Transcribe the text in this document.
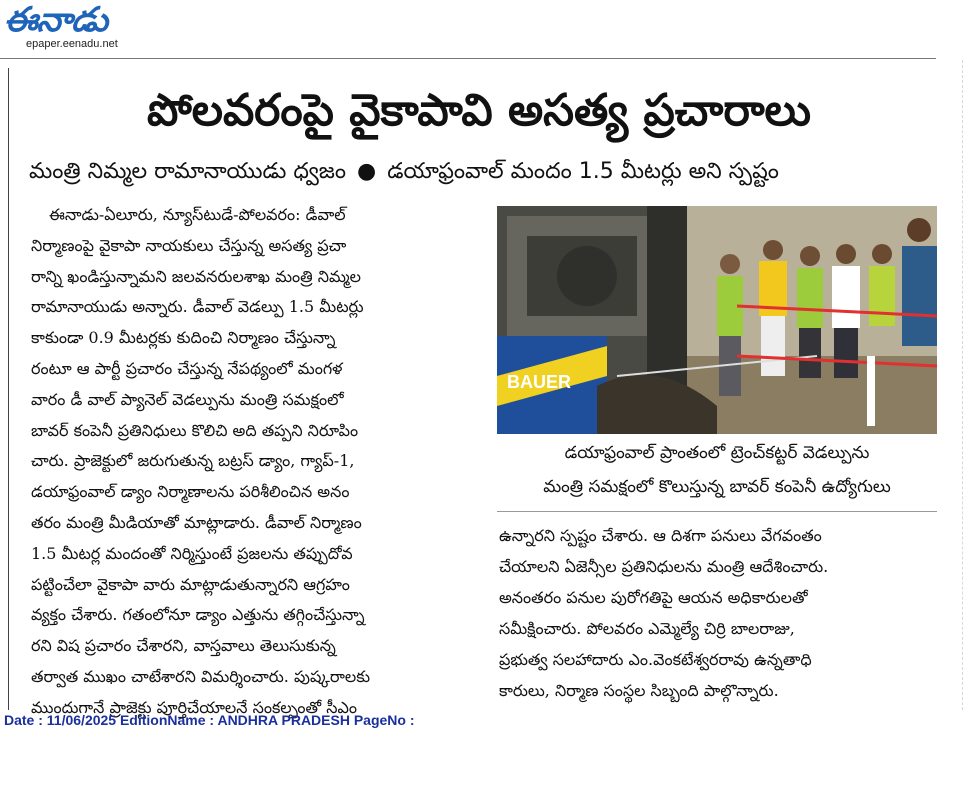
ఈనాడు
epaper.eenadu.net
పోలవరంపై వైకాపావి అసత్య ప్రచారాలు
మంత్రి నిమ్మల రామానాయుడు ధ్వజం ● డయాఫ్రంవాల్ మందం 1.5 మీటర్లు అని స్పష్టం
ఈనాడు-ఏలూరు, న్యూస్‌టుడే-పోలవరం: డీవాల్
నిర్మాణంపై వైకాపా నాయకులు చేస్తున్న అసత్య ప్రచా
రాన్ని ఖండిస్తున్నామని జలవనరులశాఖ మంత్రి నిమ్మల
రామానాయుడు అన్నారు. డీవాల్ వెడల్పు 1.5 మీటర్లు
కాకుండా 0.9 మీటర్లకు కుదించి నిర్మాణం చేస్తున్నా
రంటూ ఆ పార్టీ ప్రచారం చేస్తున్న నేపథ్యంలో మంగళ
వారం డీ వాల్ ప్యానెల్ వెడల్పును మంత్రి సమక్షంలో
బావర్ కంపెనీ ప్రతినిధులు కొలిచి అది తప్పని నిరూపిం
చారు. ప్రాజెక్టులో జరుగుతున్న బట్రస్ డ్యాం, గ్యాప్-1,
డయాఫ్రంవాల్ డ్యాం నిర్మాణాలను పరిశీలించిన అనం
తరం మంత్రి మీడియాతో మాట్లాడారు. డీవాల్ నిర్మాణం
1.5 మీటర్ల మందంతో నిర్మిస్తుంటే ప్రజలను తప్పుదోవ
పట్టించేలా వైకాపా వారు మాట్లాడుతున్నారని ఆగ్రహం
వ్యక్తం చేశారు. గతంలోనూ డ్యాం ఎత్తును తగ్గించేస్తున్నా
రని విష ప్రచారం చేశారని, వాస్తవాలు తెలుసుకున్న
తర్వాత ముఖం చాటేశారని విమర్శించారు. పుష్కరాలకు
ముందుగానే ప్రాజెక్టు పూర్తిచేయాలనే సంకల్పంతో సీఎం
BAUER
డయాఫ్రంవాల్ ప్రాంతంలో ట్రెంచ్‌కట్టర్ వెడల్పును
మంత్రి సమక్షంలో కొలుస్తున్న బావర్ కంపెనీ ఉద్యోగులు
ఉన్నారని స్పష్టం చేశారు. ఆ దిశగా పనులు వేగవంతం
చేయాలని ఏజెన్సీల ప్రతినిధులను మంత్రి ఆదేశించారు.
అనంతరం పనుల పురోగతిపై ఆయన అధికారులతో
సమీక్షించారు. పోలవరం ఎమ్మెల్యే చిర్రి బాలరాజు,
ప్రభుత్వ సలహాదారు ఎం.వెంకటేశ్వరరావు ఉన్నతాధి
కారులు, నిర్మాణ సంస్థల సిబ్బంది పాల్గొన్నారు.
Date : 11/06/2025 EditionName : ANDHRA PRADESH PageNo :
